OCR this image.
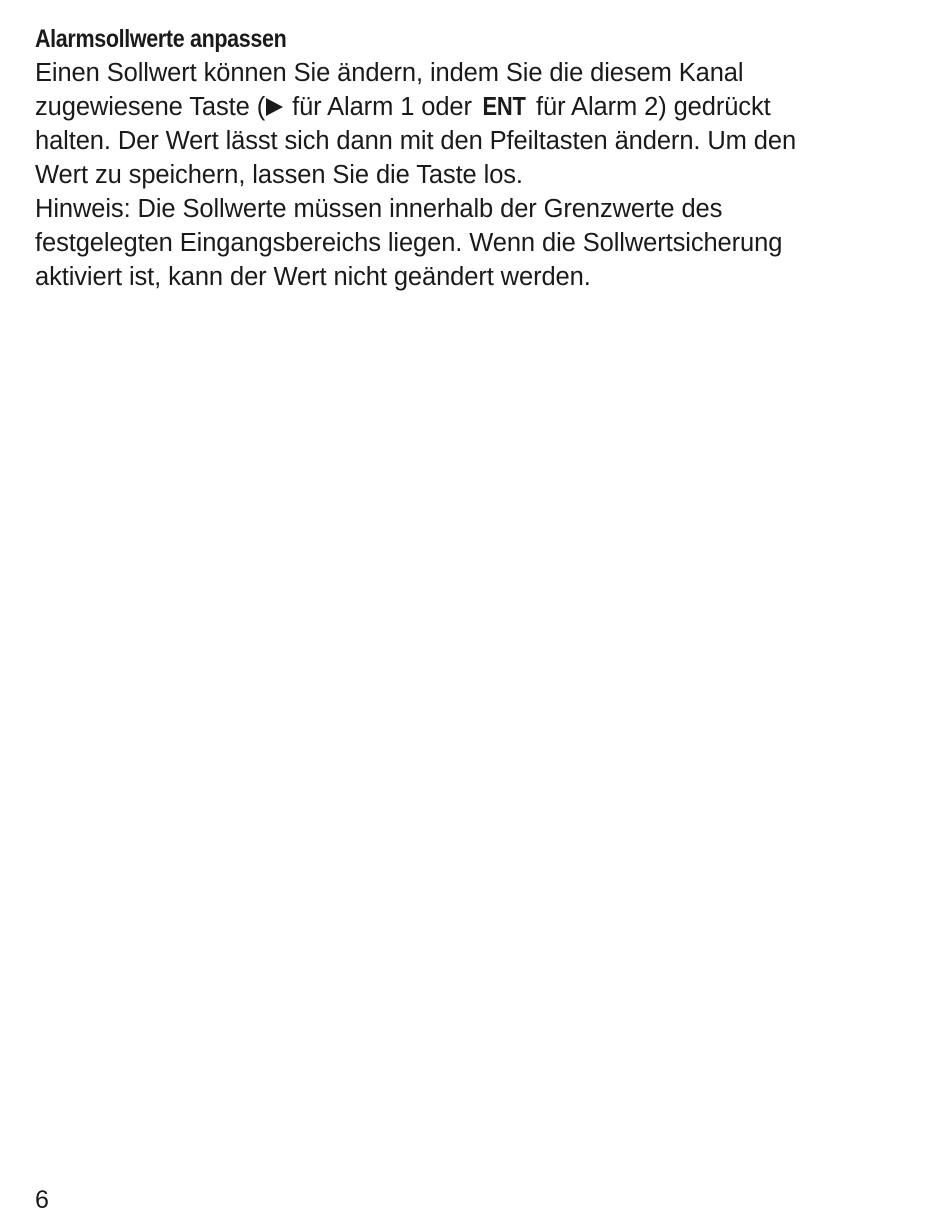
Alarmsollwerte anpassen

Einen Sollwert können Sie ändern, indem Sie die diesem Kanal
zugewiesene Taste ( für Alarm 1 oder ENT für Alarm 2) gedrückt
halten. Der Wert lässt sich dann mit den Pfeiltasten ändern. Um den
Wert zu speichern, lassen Sie die Taste los.

Hinweis: Die Sollwerte müssen innerhalb der Grenzwerte des
festgelegten Eingangsbereichs liegen. Wenn die Sollwertsicherung
aktiviert ist, kann der Wert nicht geändert werden.

6
